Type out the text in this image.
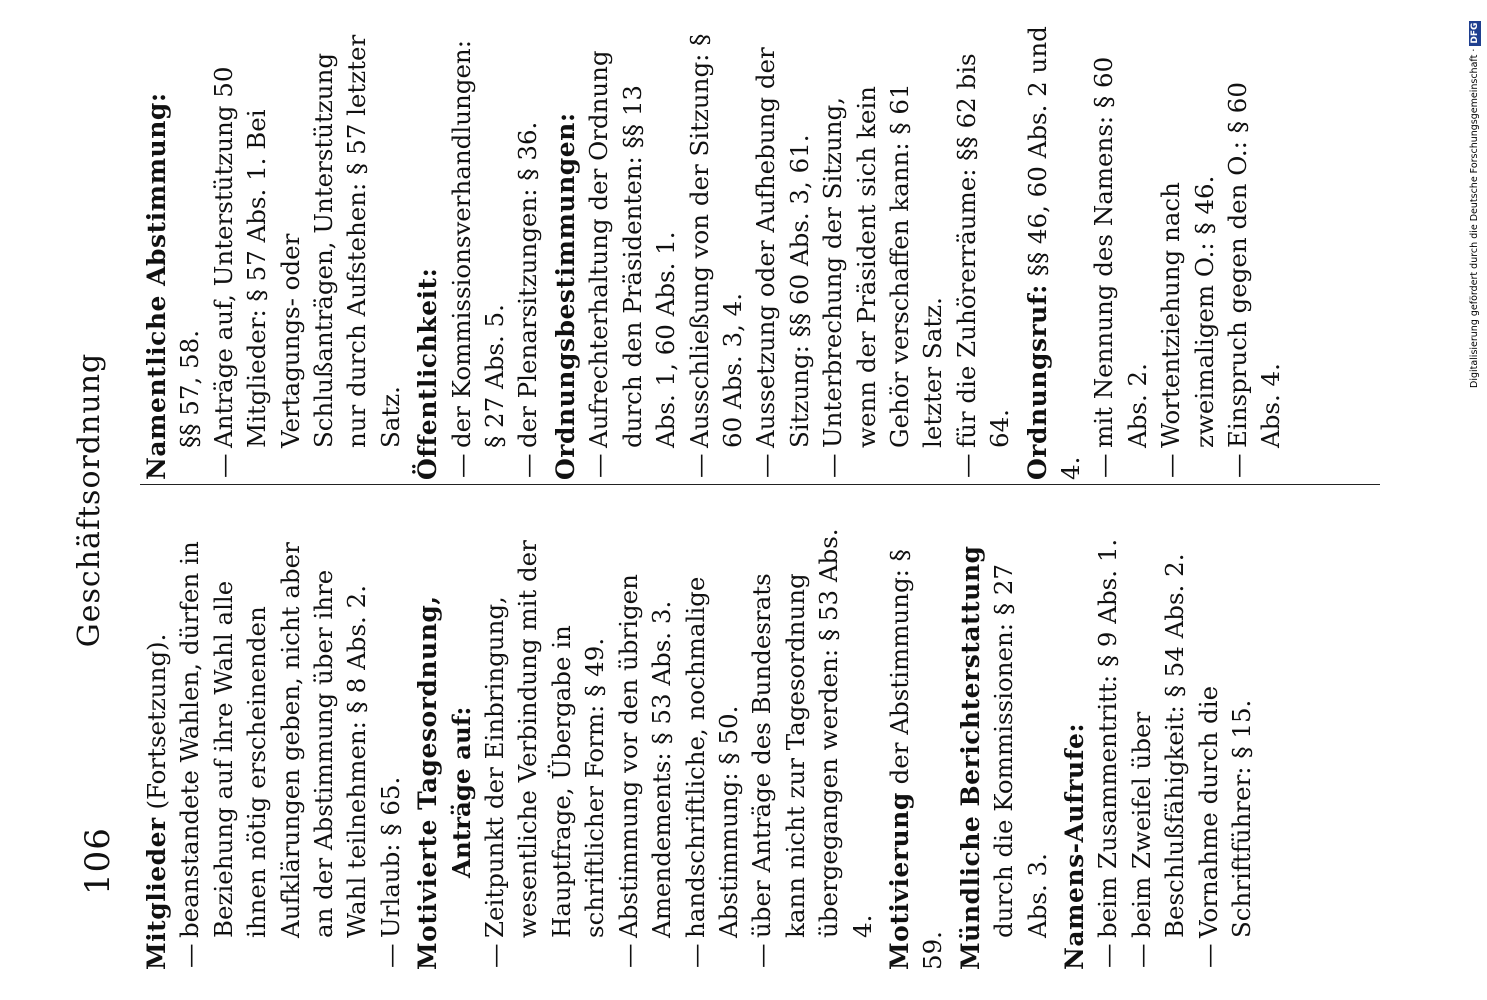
106
Geschäftsordnung
Mitglieder (Fortsetzung).
—
beanstandete Wahlen, dürfen in Beziehung auf ihre Wahl alle ihnen nötig erscheinenden Aufklärungen geben, nicht aber an der Abstimmung über ihre Wahl teilnehmen: § 8 Abs. 2.
—
Urlaub: § 65. Motivierte Tagesordnung, Anträge auf:
—
Zeitpunkt der Einbringung, wesentliche Verbindung mit der Hauptfrage, Übergabe in schriftlicher Form: § 49.
—
Abstimmung vor den übrigen Amendements: § 53 Abs. 3.
—
handschriftliche, nochmalige Abstimmung: § 50.
—
über Anträge des Bundesrats kann nicht zur Tagesordnung übergegangen werden: § 53 Abs. 4. Motivierung der Abstimmung: § 59. Mündliche Berichterstattung durch die Kommissionen: § 27 Abs. 3. Namens-Aufrufe: —
beim Zusammentritt: § 9 Abs. 1.
—
beim Zweifel über Beschlußfähigkeit: § 54 Abs. 2.
—
Vornahme durch die Schriftführer: § 15.
Namentliche Abstimmung: §§ 57, 58.
—
Anträge auf, Unterstützung 50 Mitglieder: § 57 Abs. 1. Bei Vertagungs- oder Schlußanträgen, Unterstützung nur durch Aufstehen: § 57 letzter Satz. Öffentlichkeit: —
der Kommissionsverhandlungen: § 27 Abs. 5.
—
der Plenarsitzungen: § 36. Ordnungsbestimmungen: —
Aufrechterhaltung der Ordnung durch den Präsidenten: §§ 13 Abs. 1, 60 Abs. 1.
—
Ausschließung von der Sitzung: § 60 Abs. 3, 4.
—
Aussetzung oder Aufhebung der Sitzung: §§ 60 Abs. 3, 61.
—
Unterbrechung der Sitzung, wenn der Präsident sich kein Gehör verschaffen kann: § 61 letzter Satz.
—
für die Zuhörerräume: §§ 62 bis 64. Ordnungsruf: §§ 46, 60 Abs. 2 und 4. —
mit Nennung des Namens: § 60 Abs. 2.
—
Wortentziehung nach zweimaligem O.: § 46.
—
Einspruch gegen den O.: § 60 Abs. 4.
Digitalisierung gefördert durch die Deutsche Forschungsgemeinschaft ·DFG
